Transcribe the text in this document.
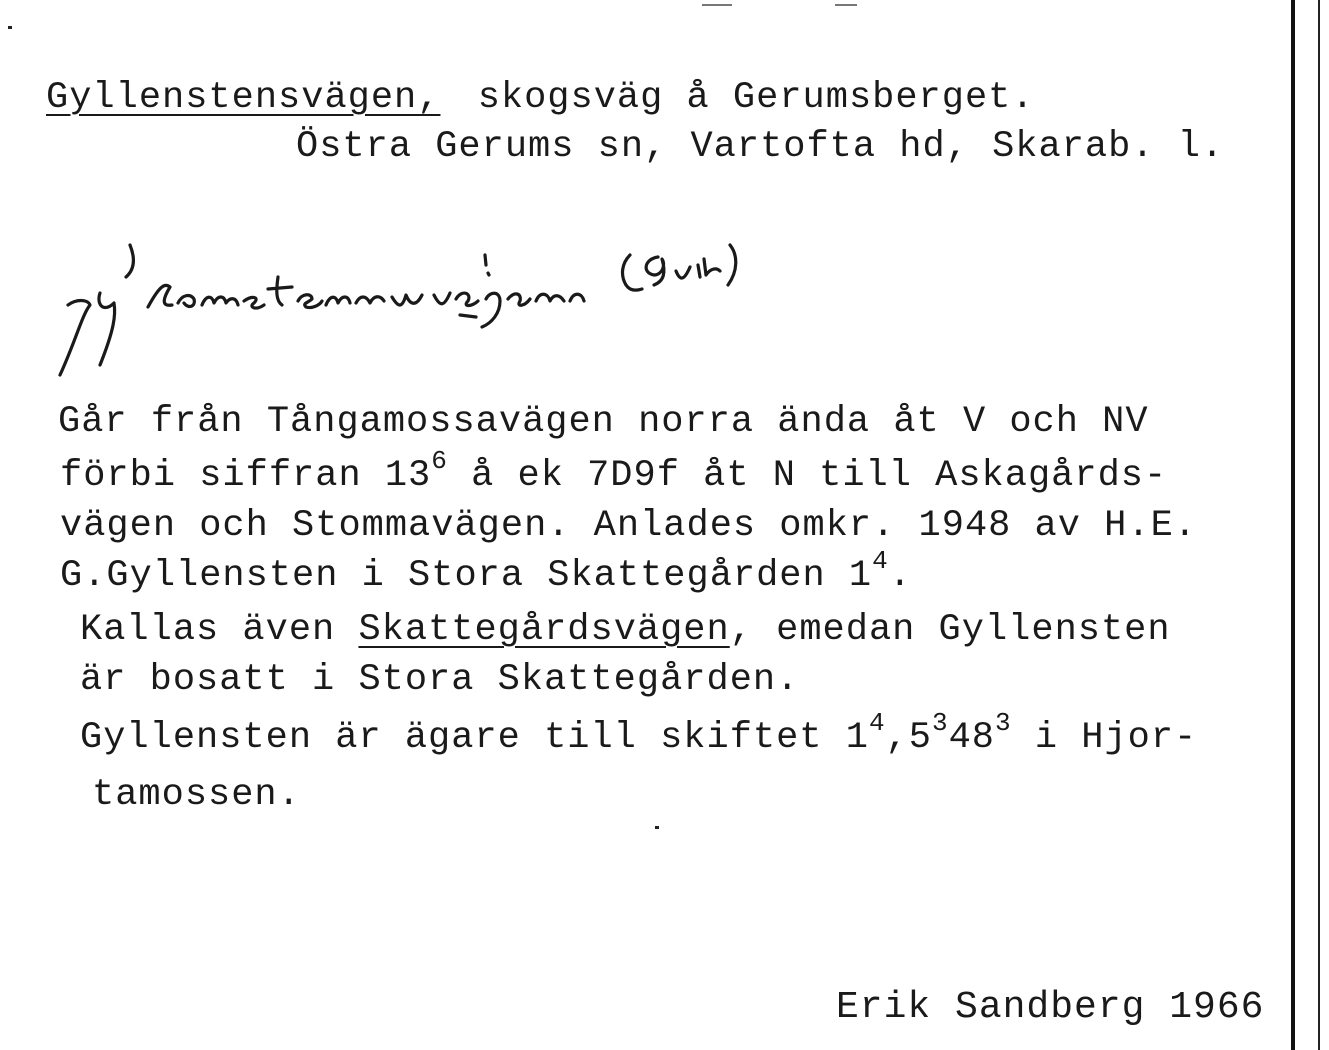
Gyllenstensvägen, skogsväg å Gerumsberget.
Östra Gerums sn, Vartofta hd, Skarab. l.
Går från Tångamossavägen norra ända åt V och NV
förbi siffran $13^6$ å ek 7D9f åt N till Askagårds-
vägen och Stommavägen. Anlades omkr. 1948 av H.E.
G.Gyllensten i Stora Skattegården $1^4$.
Kallas även Skattegårdsvägen, emedan Gyllensten
är bosatt i Stora Skattegården.
Gyllensten är ägare till skiftet $1^4,5^348^3$ i Hjor-
tamossen.
Erik Sandberg 1966
